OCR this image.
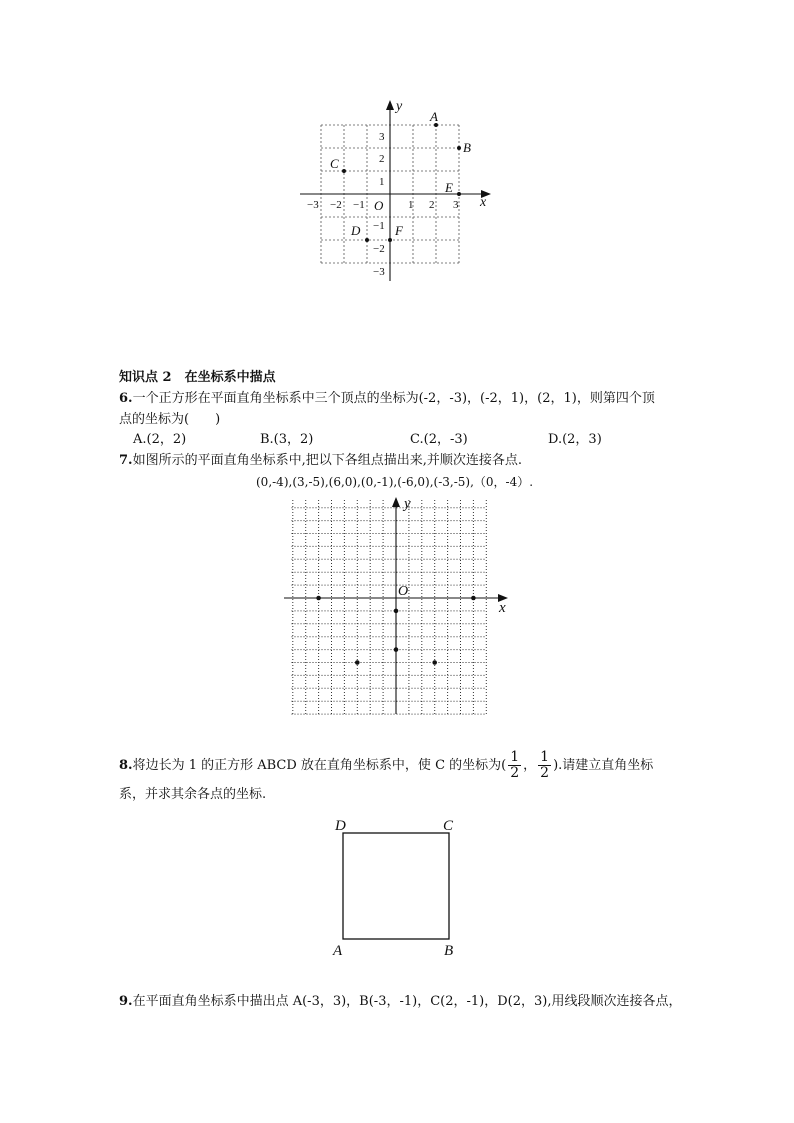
x
y
O
−3 −2 −1	1 2 3
3
2
1
−1
−2
−3
A
B
C
D
E
F
知识点 2　在坐标系中描点
6.一个正方形在平面直角坐标系中三个顶点的坐标为(-2，-3)，(-2，1)，(2，1)，则第四个顶
点的坐标为(　　)
A.(2，2)	B.(3，2)	C.(2，-3)	D.(2，3)
7.如图所示的平面直角坐标系中,把以下各组点描出来,并顺次连接各点.
(0,-4),(3,-5),(6,0),(0,-1),(-6,0),(-3,-5),（0，-4）.
x
y
O
8.将边长为 1 的正方形 ABCD 放在直角坐标系中，使 C 的坐标为( $\frac{1}{2}$ ， $\frac{1}{2}$ ).请建立直角坐标
系，并求其余各点的坐标.
D	C
A	B
9.在平面直角坐标系中描出点 A(-3，3)，B(-3，-1)，C(2，-1)，D(2，3),用线段顺次连接各点，
